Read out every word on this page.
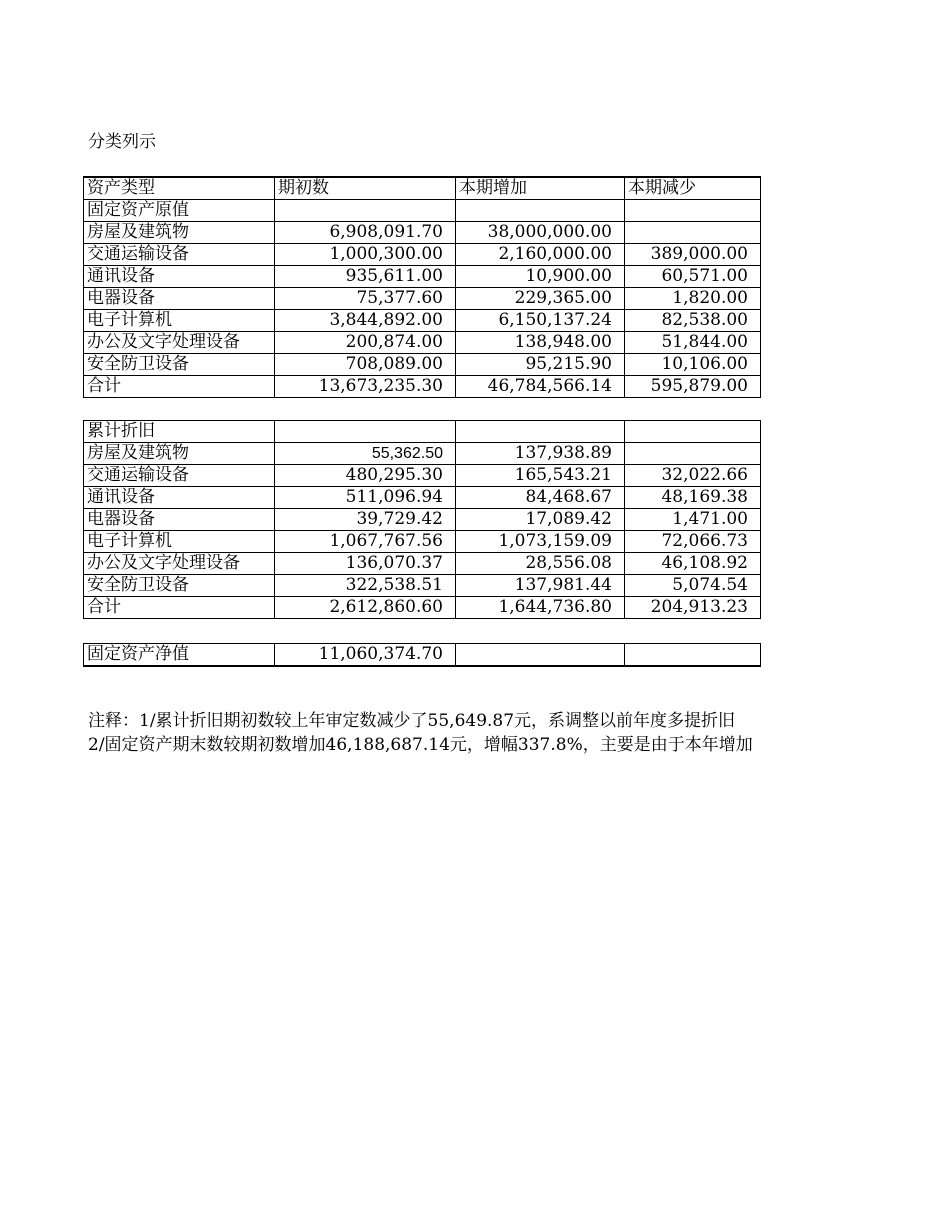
分类列示
资产类型	期初数	本期增加	本期减少
固定资产原值			
房屋及建筑物	6,908,091.70	38,000,000.00	
交通运输设备	1,000,300.00	2,160,000.00	389,000.00
通讯设备	935,611.00	10,900.00	60,571.00
电器设备	75,377.60	229,365.00	1,820.00
电子计算机	3,844,892.00	6,150,137.24	82,538.00
办公及文字处理设备	200,874.00	138,948.00	51,844.00
安全防卫设备	708,089.00	95,215.90	10,106.00
合计	13,673,235.30	46,784,566.14	595,879.00
累计折旧			
房屋及建筑物	55,362.50	137,938.89	
交通运输设备	480,295.30	165,543.21	32,022.66
通讯设备	511,096.94	84,468.67	48,169.38
电器设备	39,729.42	17,089.42	1,471.00
电子计算机	1,067,767.56	1,073,159.09	72,066.73
办公及文字处理设备	136,070.37	28,556.08	46,108.92
安全防卫设备	322,538.51	137,981.44	5,074.54
合计	2,612,860.60	1,644,736.80	204,913.23
固定资产净值	11,060,374.70		
注释：1/累计折旧期初数较上年审定数减少了55,649.87元，系调整以前年度多提折旧
2/固定资产期末数较期初数增加46,188,687.14元，增幅337.8%，主要是由于本年增加
